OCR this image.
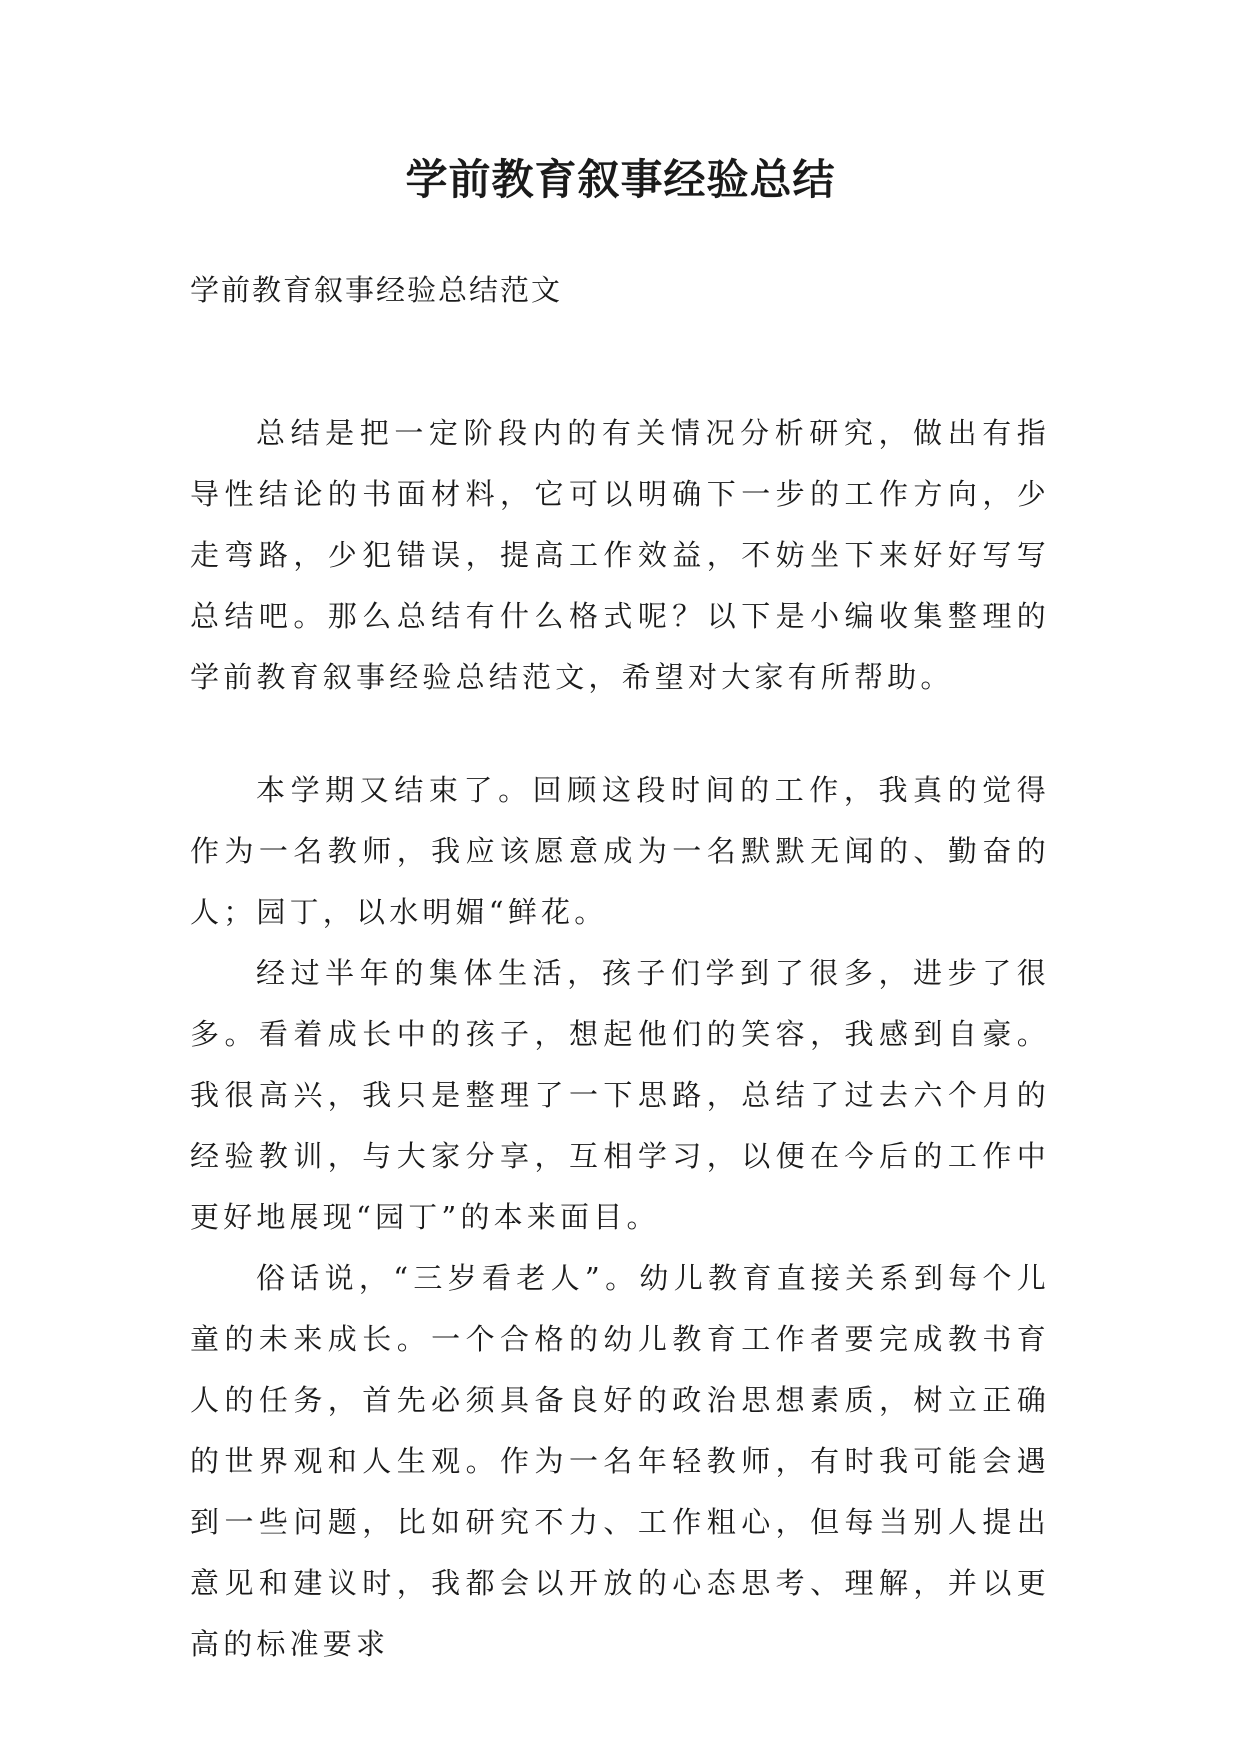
学前教育叙事经验总结
学前教育叙事经验总结范文

总结是把一定阶段内的有关情况分析研究，做出有指导性结论的书面材料，它可以明确下一步的工作方向，少走弯路，少犯错误，提高工作效益，不妨坐下来好好写写总结吧。那么总结有什么格式呢？以下是小编收集整理的学前教育叙事经验总结范文，希望对大家有所帮助。

本学期又结束了。回顾这段时间的工作，我真的觉得作为一名教师，我应该愿意成为一名默默无闻的、勤奋的人；园丁，以水明媚“鲜花。

经过半年的集体生活，孩子们学到了很多，进步了很多。看着成长中的孩子，想起他们的笑容，我感到自豪。我很高兴，我只是整理了一下思路，总结了过去六个月的经验教训，与大家分享，互相学习，以便在今后的工作中更好地展现“园丁”的本来面目。

俗话说，“三岁看老人”。幼儿教育直接关系到每个儿童的未来成长。一个合格的幼儿教育工作者要完成教书育人的任务，首先必须具备良好的政治思想素质，树立正确的世界观和人生观。作为一名年轻教师，有时我可能会遇到一些问题，比如研究不力、工作粗心，但每当别人提出意见和建议时，我都会以开放的心态思考、理解，并以更高的标准要求
